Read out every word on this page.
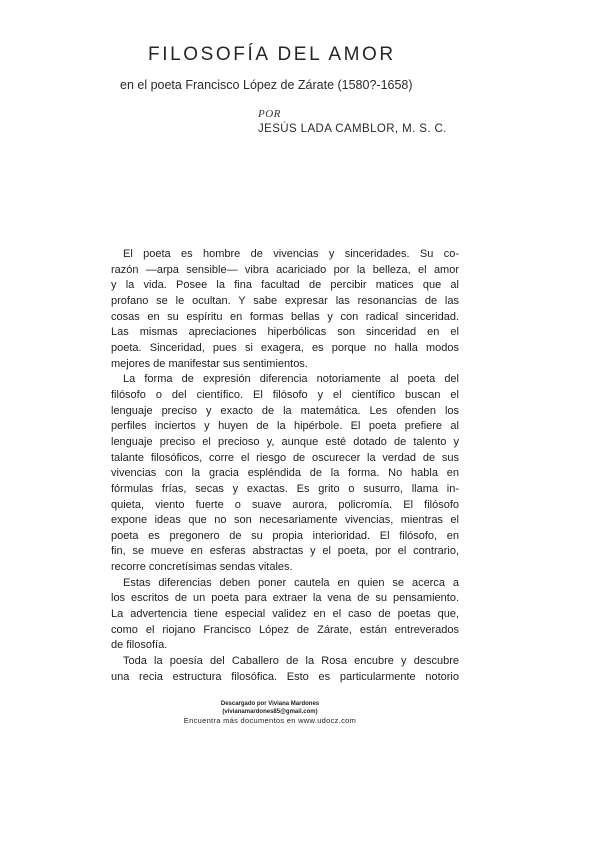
FILOSOFÍA DEL AMOR
en el poeta Francisco López de Zárate (1580?-1658)
POR
JESÚS LADA CAMBLOR, M. S. C.
El poeta es hombre de vivencias y sinceridades. Su co-
razón —arpa sensible— vibra acariciado por la belleza, el amor
y la vida. Posee la fina facultad de percibir matices que al
profano se le ocultan. Y sabe expresar las resonancias de las
cosas en su espíritu en formas bellas y con radical sinceridad.
Las mismas apreciaciones hiperbólicas son sinceridad en el
poeta. Sinceridad, pues si exagera, es porque no halla modos
mejores de manifestar sus sentimientos.
La forma de expresión diferencia notoriamente al poeta del
filósofo o del científico. El filósofo y el científico buscan el
lenguaje preciso y exacto de la matemática. Les ofenden los
perfiles inciertos y huyen de la hipérbole. El poeta prefiere al
lenguaje preciso el precioso y, aunque esté dotado de talento y
talante filosóficos, corre el riesgo de oscurecer la verdad de sus
vivencias con la gracia espléndida de la forma. No habla en
fórmulas frías, secas y exactas. Es grito o susurro, llama in-
quieta, viento fuerte o suave aurora, policromía. El filósofo
expone ideas que no son necesariamente vivencias, mientras el
poeta es pregonero de su propia interioridad. El filósofo, en
fin, se mueve en esferas abstractas y el poeta, por el contrario,
recorre concretísimas sendas vitales.
Estas diferencias deben poner cautela en quien se acerca a
los escritos de un poeta para extraer la vena de su pensamiento.
La advertencia tiene especial validez en el caso de poetas que,
como el riojano Francisco López de Zárate, están entreverados
de filosofía.
Toda la poesía del Caballero de la Rosa encubre y descubre
una recia estructura filosófica. Esto es particularmente notorio
Descargado por Viviana Mardones
(vivianamardones85@gmail.com)
Encuentra más documentos en www.udocz.com
